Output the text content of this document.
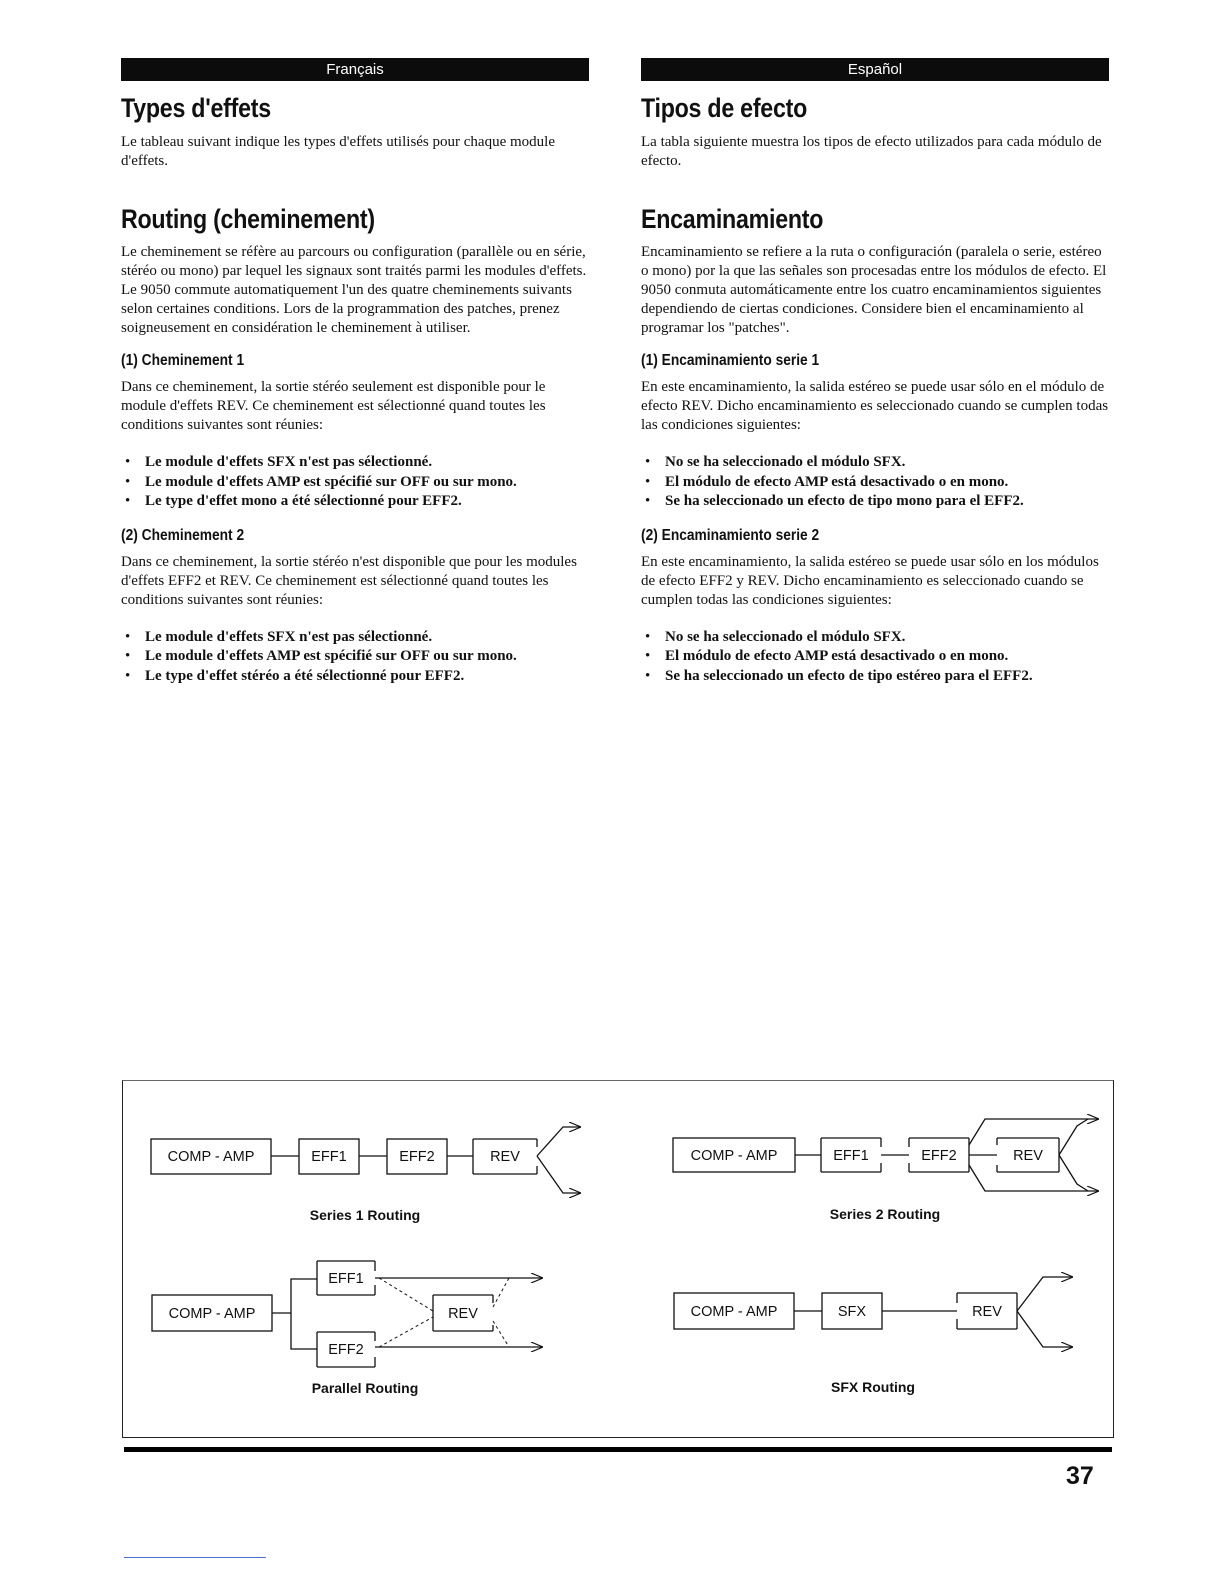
Français
Types d'effets

Le tableau suivant indique les types d'effets utilisés pour chaque module d'effets.

Routing (cheminement)

Le cheminement se réfère au parcours ou configuration (parallèle ou en série, stéréo ou mono) par lequel les signaux sont traités parmi les modules d'effets. Le 9050 commute automatiquement l'un des quatre cheminements suivants selon certaines conditions. Lors de la programmation des patches, prenez soigneusement en considération le cheminement à utiliser.

(1) Cheminement 1

Dans ce cheminement, la sortie stéréo seulement est disponible pour le module d'effets REV. Ce cheminement est sélectionné quand toutes les conditions suivantes sont réunies:

• Le module d'effets SFX n'est pas sélectionné.
• Le module d'effets AMP est spécifié sur OFF ou sur mono.
• Le type d'effet mono a été sélectionné pour EFF2.
(2) Cheminement 2

Dans ce cheminement, la sortie stéréo n'est disponible que pour les modules d'effets EFF2 et REV. Ce cheminement est sélectionné quand toutes les conditions suivantes sont réunies:

• Le module d'effets SFX n'est pas sélectionné.
• Le module d'effets AMP est spécifié sur OFF ou sur mono.
• Le type d'effet stéréo a été sélectionné pour EFF2.
Español
Tipos de efecto

La tabla siguiente muestra los tipos de efecto utilizados para cada módulo de efecto.

Encaminamiento

Encaminamiento se refiere a la ruta o configuración (paralela o serie, estéreo o mono) por la que las señales son procesadas entre los módulos de efecto. El 9050 conmuta automáticamente entre los cuatro encaminamientos siguientes dependiendo de ciertas condiciones. Considere bien el encaminamiento al programar los "patches".

(1) Encaminamiento serie 1

En este encaminamiento, la salida estéreo se puede usar sólo en el módulo de efecto REV. Dicho encaminamiento es seleccionado cuando se cumplen todas las condiciones siguientes:

• No se ha seleccionado el módulo SFX.
• El módulo de efecto AMP está desactivado o en mono.
• Se ha seleccionado un efecto de tipo mono para el EFF2.
(2) Encaminamiento serie 2

En este encaminamiento, la salida estéreo se puede usar sólo en los módulos de efecto EFF2 y REV. Dicho encaminamiento es seleccionado cuando se cumplen todas las condiciones siguientes:

• No se ha seleccionado el módulo SFX.
• El módulo de efecto AMP está desactivado o en mono.
• Se ha seleccionado un efecto de tipo estéreo para el EFF2.
COMP - AMP	EFF1	EFF2	REV	COMP - AMP	EFF1	EFF2	REV
COMP - AMP
EFF1
EFF2
REV	COMP - AMP	SFX	REV
Series 1 Routing	Series 2 Routing
Parallel Routing	SFX Routing
37
